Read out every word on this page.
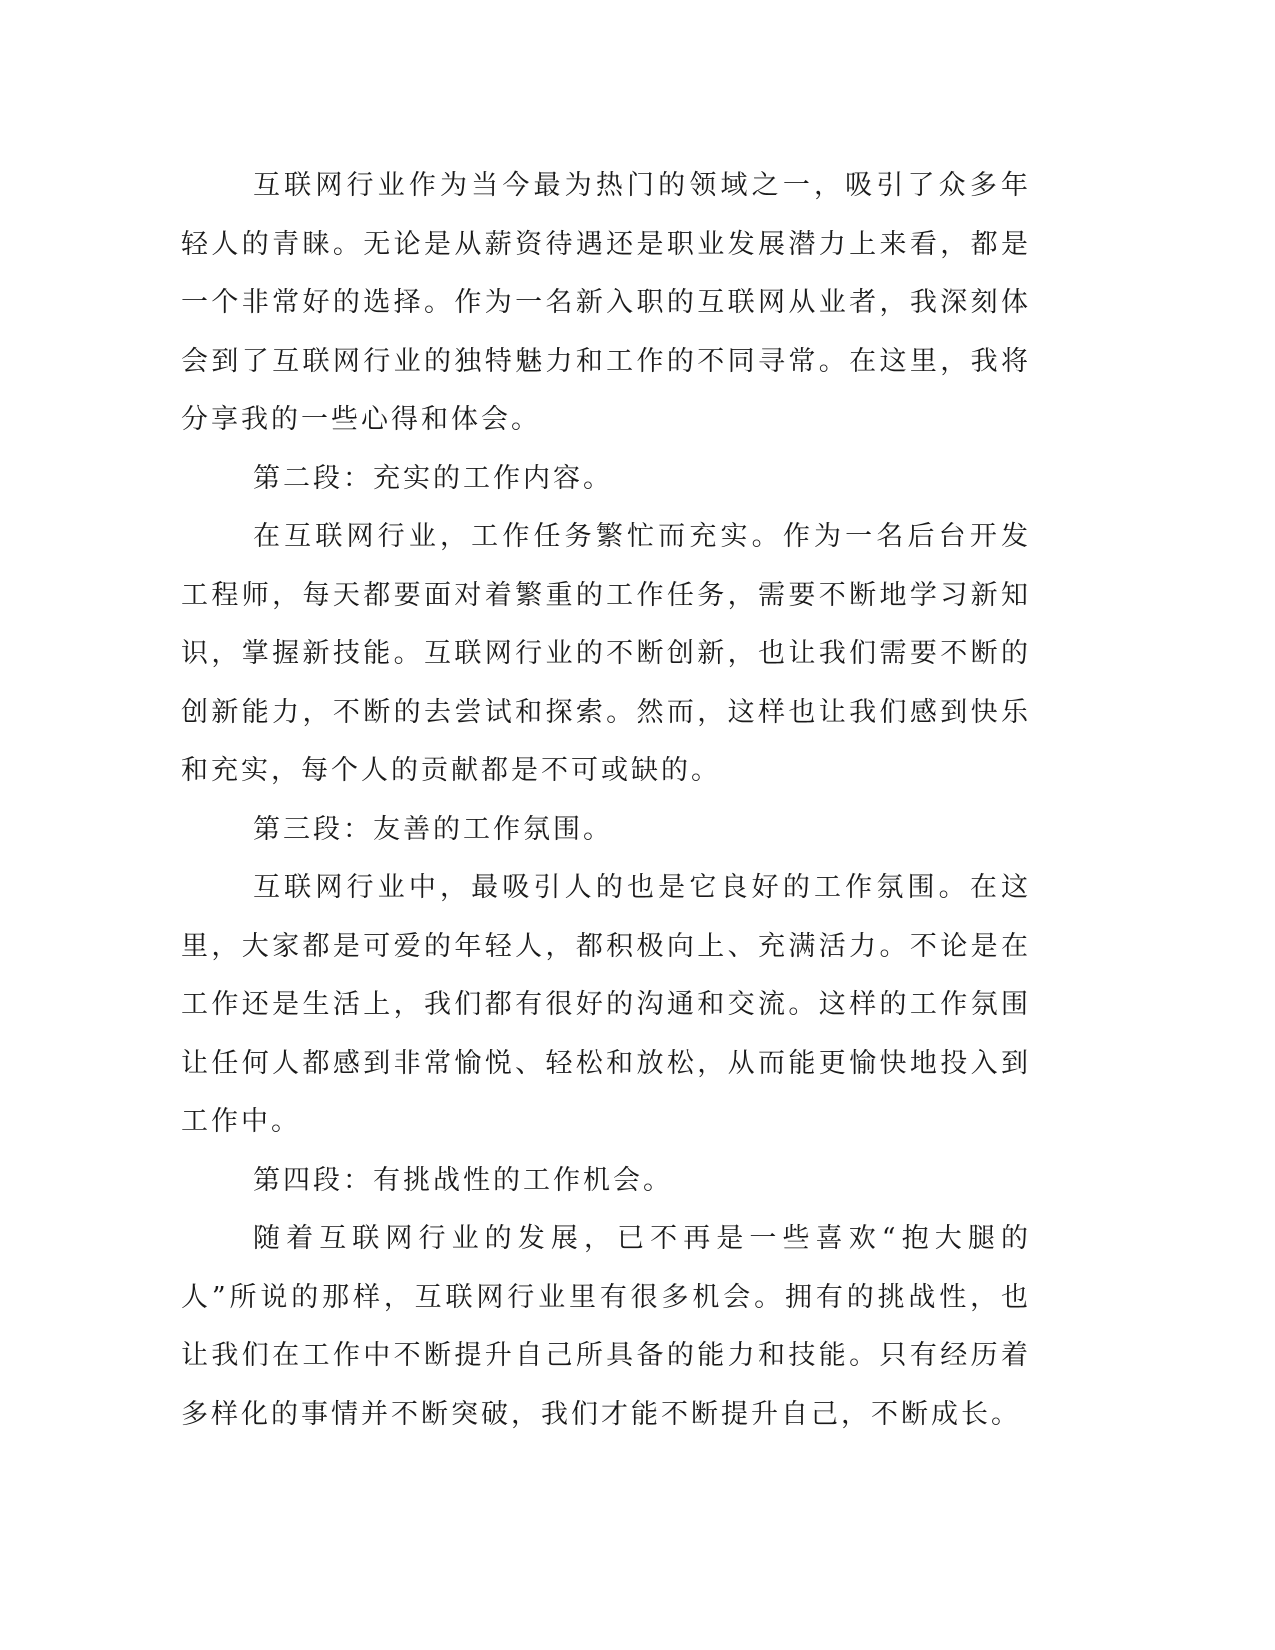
互联网行业作为当今最为热门的领域之一，吸引了众多年轻人的青睐。无论是从薪资待遇还是职业发展潜力上来看，都是一个非常好的选择。作为一名新入职的互联网从业者，我深刻体会到了互联网行业的独特魅力和工作的不同寻常。在这里，我将分享我的一些心得和体会。

第二段：充实的工作内容。

在互联网行业，工作任务繁忙而充实。作为一名后台开发工程师，每天都要面对着繁重的工作任务，需要不断地学习新知识，掌握新技能。互联网行业的不断创新，也让我们需要不断的创新能力，不断的去尝试和探索。然而，这样也让我们感到快乐和充实，每个人的贡献都是不可或缺的。

第三段：友善的工作氛围。

互联网行业中，最吸引人的也是它良好的工作氛围。在这里，大家都是可爱的年轻人，都积极向上、充满活力。不论是在工作还是生活上，我们都有很好的沟通和交流。这样的工作氛围让任何人都感到非常愉悦、轻松和放松，从而能更愉快地投入到工作中。

第四段：有挑战性的工作机会。

随着互联网行业的发展，已不再是一些喜欢“抱大腿的人”所说的那样，互联网行业里有很多机会。拥有的挑战性，也让我们在工作中不断提升自己所具备的能力和技能。只有经历着多样化的事情并不断突破，我们才能不断提升自己，不断成长。
